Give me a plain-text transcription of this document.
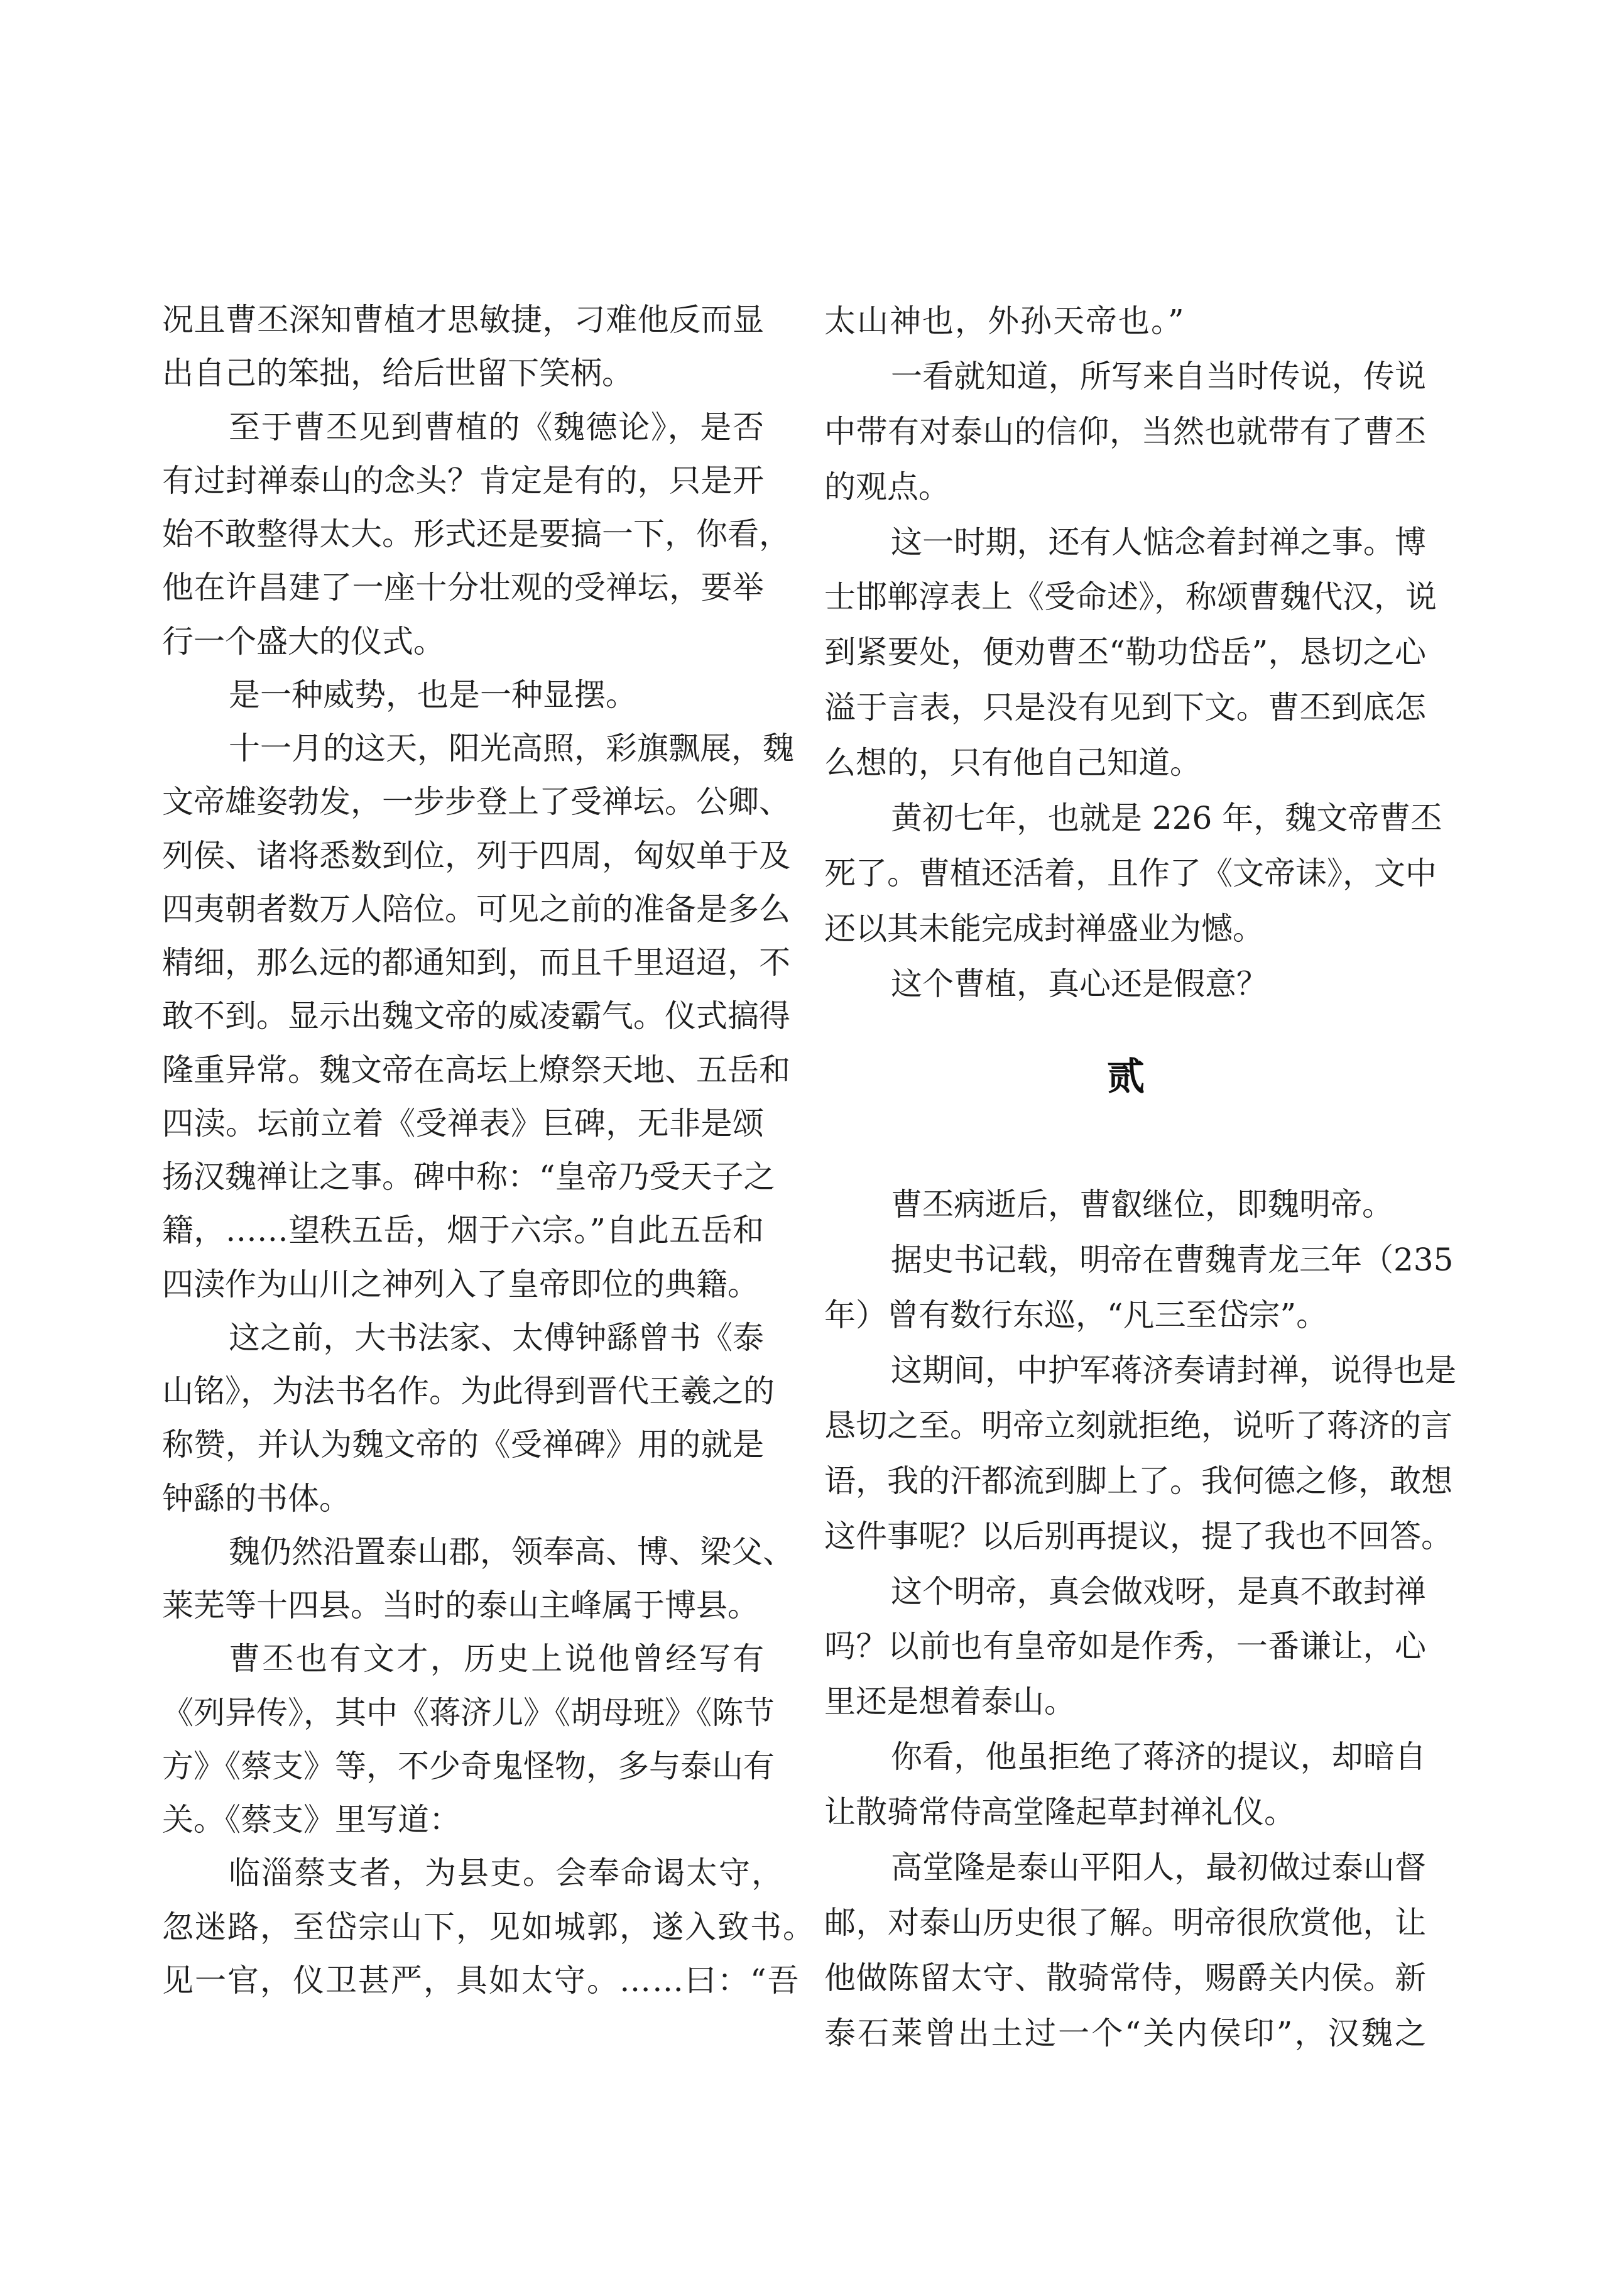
况且曹丕深知曹植才思敏捷，刁难他反而显
出自己的笨拙，给后世留下笑柄。
至于曹丕见到曹植的《魏德论》，是否
有过封禅泰山的念头？肯定是有的，只是开
始不敢整得太大。形式还是要搞一下，你看，
他在许昌建了一座十分壮观的受禅坛，要举
行一个盛大的仪式。
是一种威势，也是一种显摆。
十一月的这天，阳光高照，彩旗飘展，魏
文帝雄姿勃发，一步步登上了受禅坛。公卿、
列侯、诸将悉数到位，列于四周，匈奴单于及
四夷朝者数万人陪位。可见之前的准备是多么
精细，那么远的都通知到，而且千里迢迢，不
敢不到。显示出魏文帝的威凌霸气。仪式搞得
隆重异常。魏文帝在高坛上燎祭天地、五岳和
四渎。坛前立着《受禅表》巨碑，无非是颂
扬汉魏禅让之事。碑中称：“皇帝乃受天子之
籍，……望秩五岳，烟于六宗。”自此五岳和
四渎作为山川之神列入了皇帝即位的典籍。
这之前，大书法家、太傅钟繇曾书《泰
山铭》，为法书名作。为此得到晋代王羲之的
称赞，并认为魏文帝的《受禅碑》用的就是
钟繇的书体。
魏仍然沿置泰山郡，领奉高、博、梁父、
莱芜等十四县。当时的泰山主峰属于博县。
曹丕也有文才，历史上说他曾经写有
《列异传》，其中《蒋济儿》《胡母班》《陈节
方》《蔡支》等，不少奇鬼怪物，多与泰山有
关。《蔡支》里写道：
临淄蔡支者，为县吏。会奉命谒太守，
忽迷路，至岱宗山下，见如城郭，遂入致书。
见一官，仪卫甚严，具如太守。……曰：“吾
太山神也，外孙天帝也。”
一看就知道，所写来自当时传说，传说
中带有对泰山的信仰，当然也就带有了曹丕
的观点。
这一时期，还有人惦念着封禅之事。博
士邯郸淳表上《受命述》，称颂曹魏代汉，说
到紧要处，便劝曹丕“勒功岱岳”，恳切之心
溢于言表，只是没有见到下文。曹丕到底怎
么想的，只有他自己知道。
黄初七年，也就是 226 年，魏文帝曹丕
死了。曹植还活着，且作了《文帝诔》，文中
还以其未能完成封禅盛业为憾。
这个曹植，真心还是假意？
贰
曹丕病逝后，曹叡继位，即魏明帝。
据史书记载，明帝在曹魏青龙三年（235
年）曾有数行东巡，“凡三至岱宗”。
这期间，中护军蒋济奏请封禅，说得也是
恳切之至。明帝立刻就拒绝，说听了蒋济的言
语，我的汗都流到脚上了。我何德之修，敢想
这件事呢？以后别再提议，提了我也不回答。
这个明帝，真会做戏呀，是真不敢封禅
吗？以前也有皇帝如是作秀，一番谦让，心
里还是想着泰山。
你看，他虽拒绝了蒋济的提议，却暗自
让散骑常侍高堂隆起草封禅礼仪。
高堂隆是泰山平阳人，最初做过泰山督
邮，对泰山历史很了解。明帝很欣赏他，让
他做陈留太守、散骑常侍，赐爵关内侯。新
泰石莱曾出土过一个“关内侯印”，汉魏之
